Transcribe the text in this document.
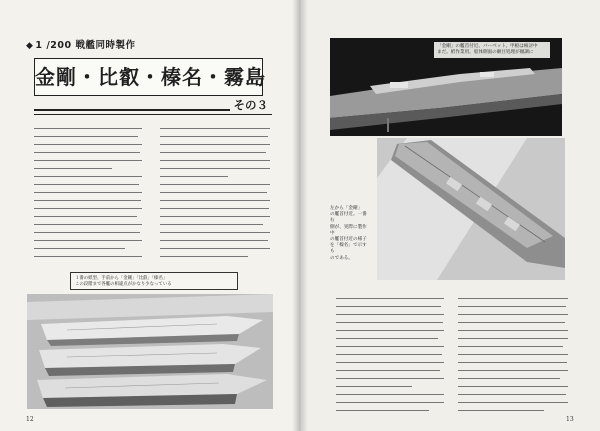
◆ 1 /200 戦艦同時製作
金剛・比叡・榛名・霧島
その３
１番の紙型、手前から「金剛」「比叡」「榛名」
この段階まで各艦の相違点がかなり少なっている
12
「金剛」の艦首付近、バーベット、甲板は検討中
まだ。紙作業用。船体側面の継目処理が順調に
左から「金剛」
の艦首付近。一番右
側が、実際に製作中
の艦首付近の様子
を「榛名」で示すも
のである。
13
